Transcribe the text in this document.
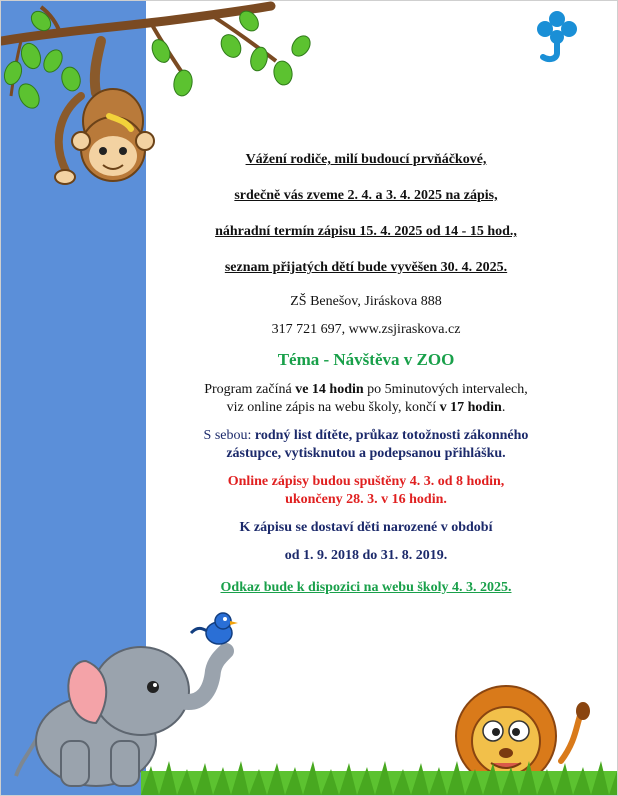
Vážení rodiče, milí budoucí prvňáčkové,

srdečně vás zveme 2. 4. a 3. 4. 2025 na zápis,

náhradní termín zápisu 15. 4. 2025 od 14 - 15 hod.,

seznam přijatých dětí bude vyvěšen 30. 4. 2025.

ZŠ Benešov, Jiráskova 888

317 721 697, www.zsjiraskova.cz

Téma - Návštěva v ZOO

Program začíná ve 14 hodin po 5minutových intervalech,

viz online zápis na webu školy, končí v 17 hodin.

S sebou: rodný list dítěte, průkaz totožnosti zákonného

zástupce, vytisknutou a podepsanou přihlášku.

Online zápisy budou spuštěny 4. 3. od 8 hodin,

ukončeny 28. 3. v 16 hodin.

K zápisu se dostaví děti narozené v období

od 1. 9. 2018 do 31. 8. 2019.

Odkaz bude k dispozici na webu školy 4. 3. 2025.
